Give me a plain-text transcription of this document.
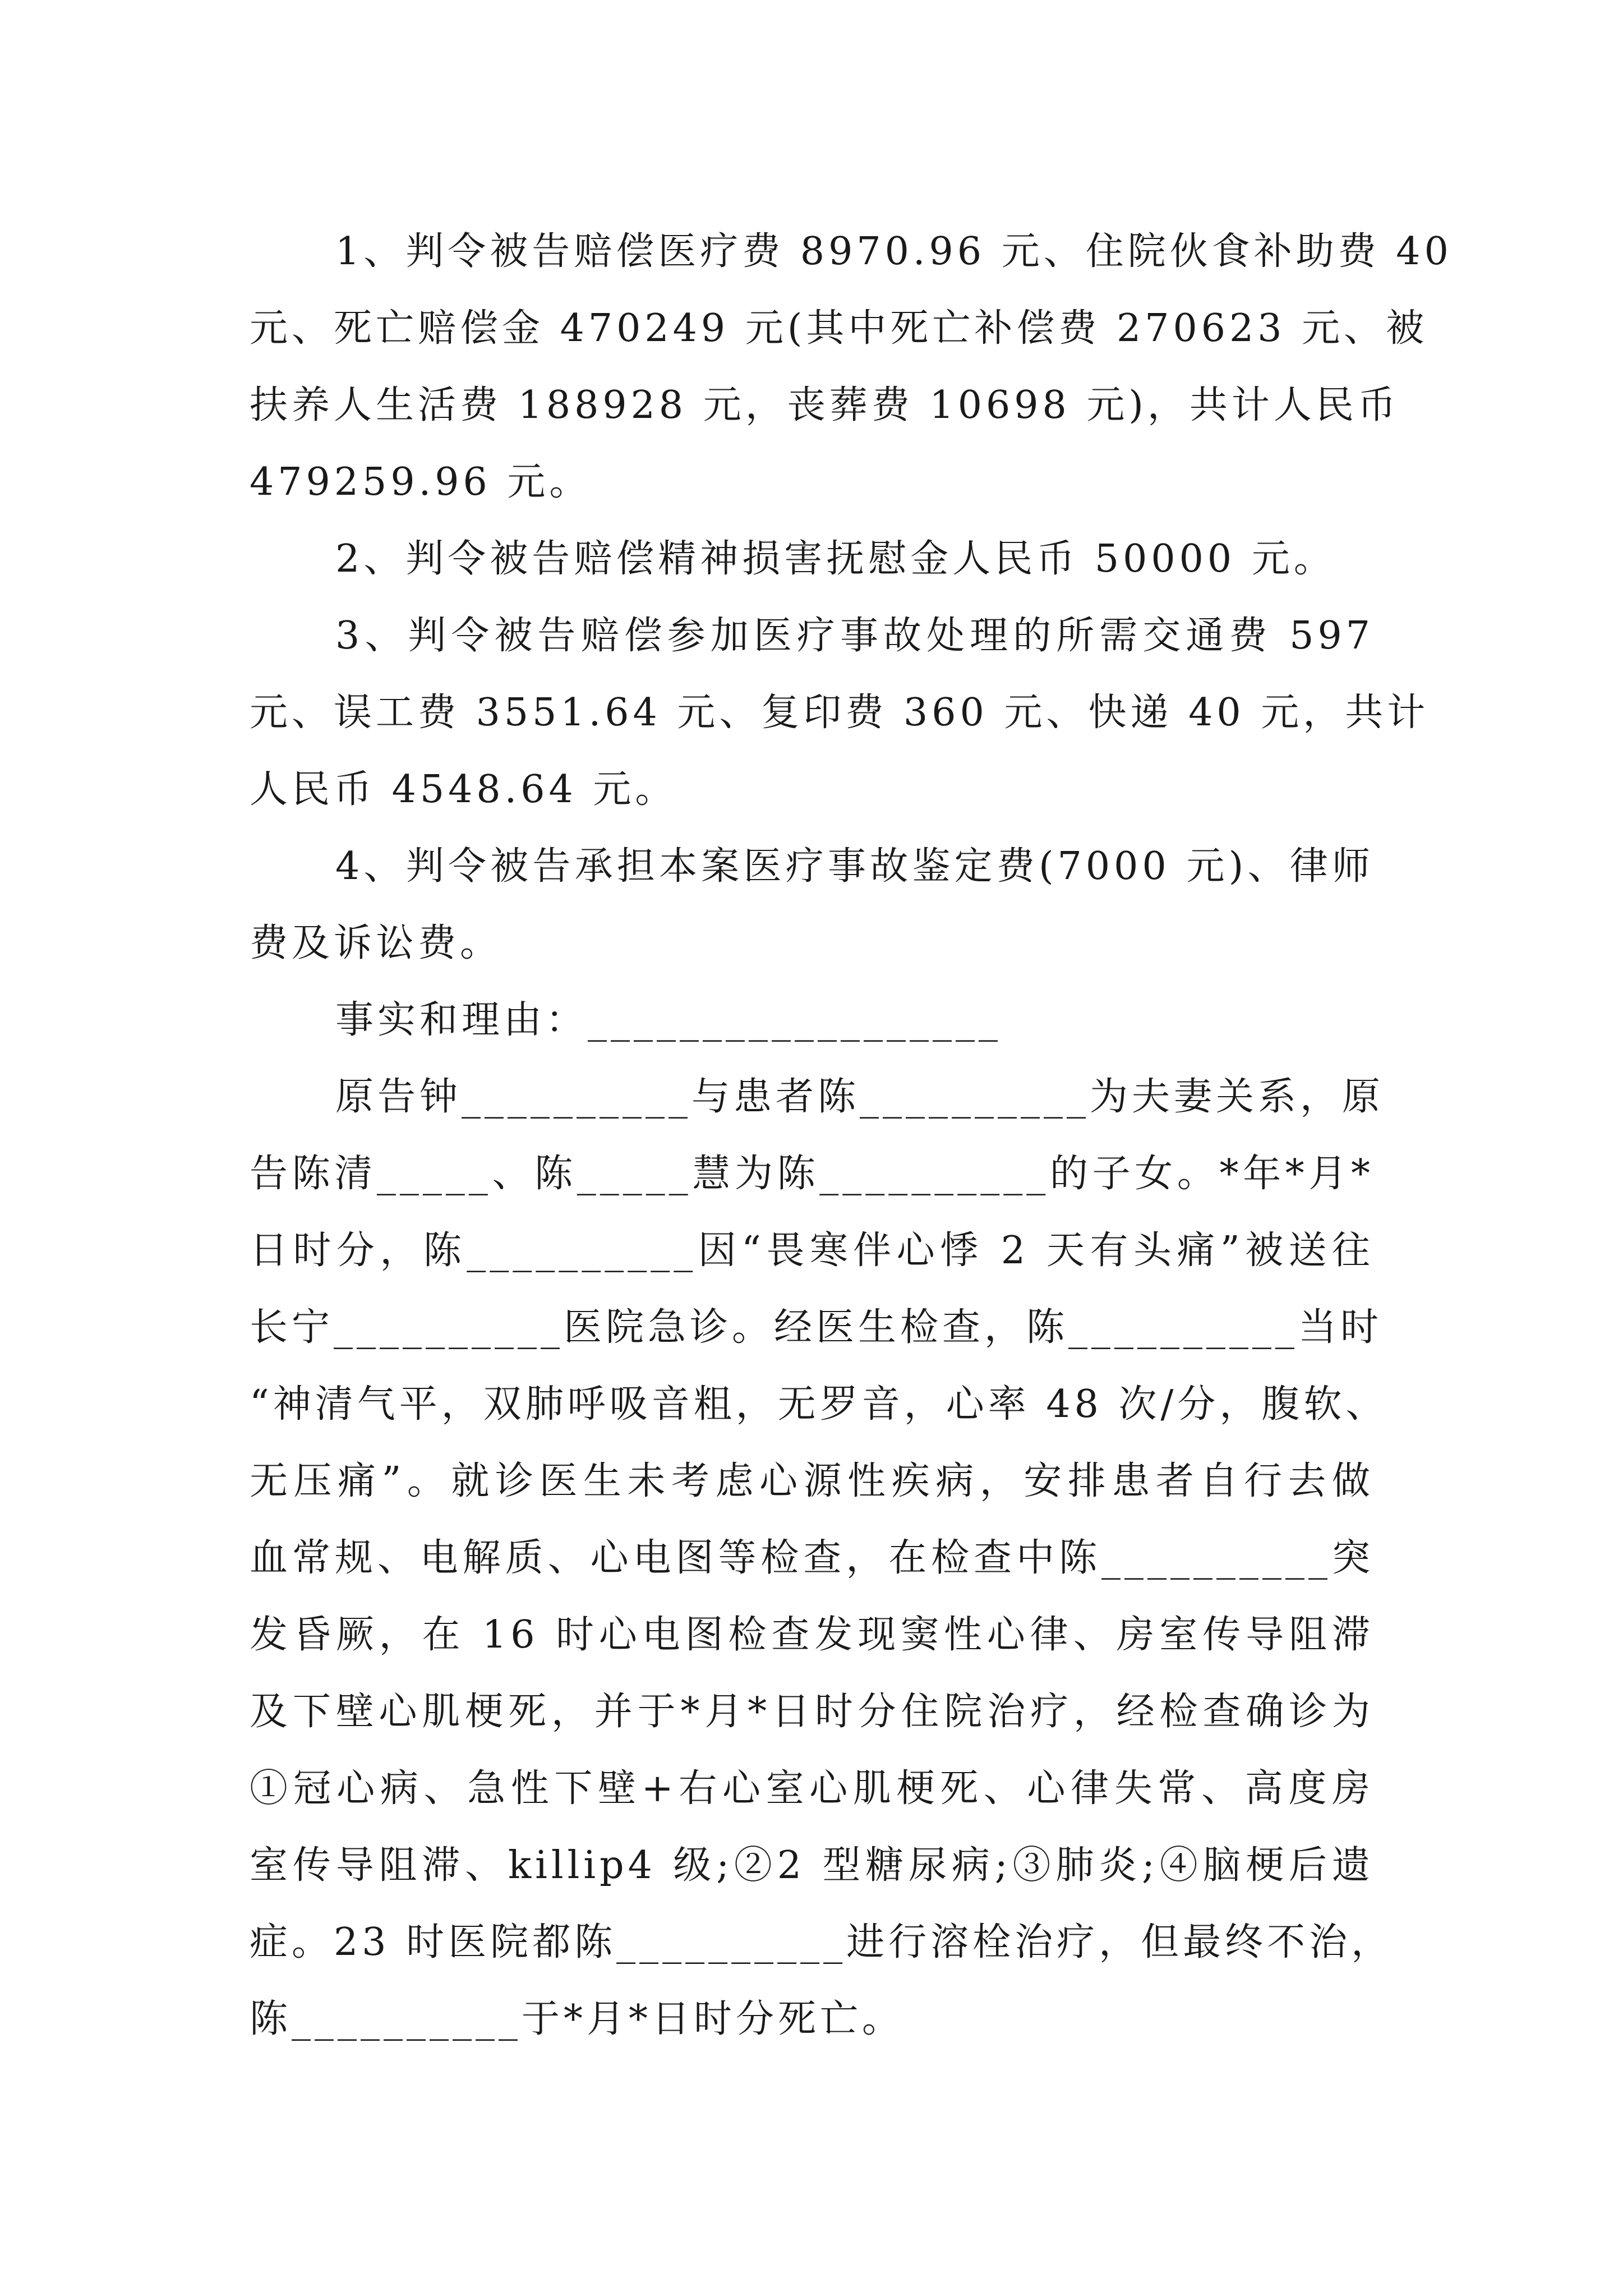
1、判令被告赔偿医疗费 8970.96 元、住院伙食补助费 40
元、死亡赔偿金 470249 元(其中死亡补偿费 270623 元、被
扶养人生活费 188928 元，丧葬费 10698 元)，共计人民币
479259.96 元。
2、判令被告赔偿精神损害抚慰金人民币 50000 元。
3、判令被告赔偿参加医疗事故处理的所需交通费 597
元、误工费 3551.64 元、复印费 360 元、快递 40 元，共计
人民币 4548.64 元。
4、判令被告承担本案医疗事故鉴定费(7000 元)、律师
费及诉讼费。
事实和理由：__________________
原告钟__________与患者陈__________为夫妻关系，原
告陈清_____、陈_____慧为陈__________的子女。*年*月*
日时分，陈__________因“畏寒伴心悸 2 天有头痛”被送往
长宁__________医院急诊。经医生检查，陈__________当时
“神清气平，双肺呼吸音粗，无罗音，心率 48 次/分，腹软、
无压痛”。就诊医生未考虑心源性疾病，安排患者自行去做
血常规、电解质、心电图等检查，在检查中陈__________突
发昏厥，在 16 时心电图检查发现窦性心律、房室传导阻滞
及下壁心肌梗死，并于*月*日时分住院治疗，经检查确诊为
①冠心病、急性下壁+右心室心肌梗死、心律失常、高度房
室传导阻滞、killip4 级;②2 型糖尿病;③肺炎;④脑梗后遗
症。23 时医院都陈__________进行溶栓治疗，但最终不治，
陈__________于*月*日时分死亡。
